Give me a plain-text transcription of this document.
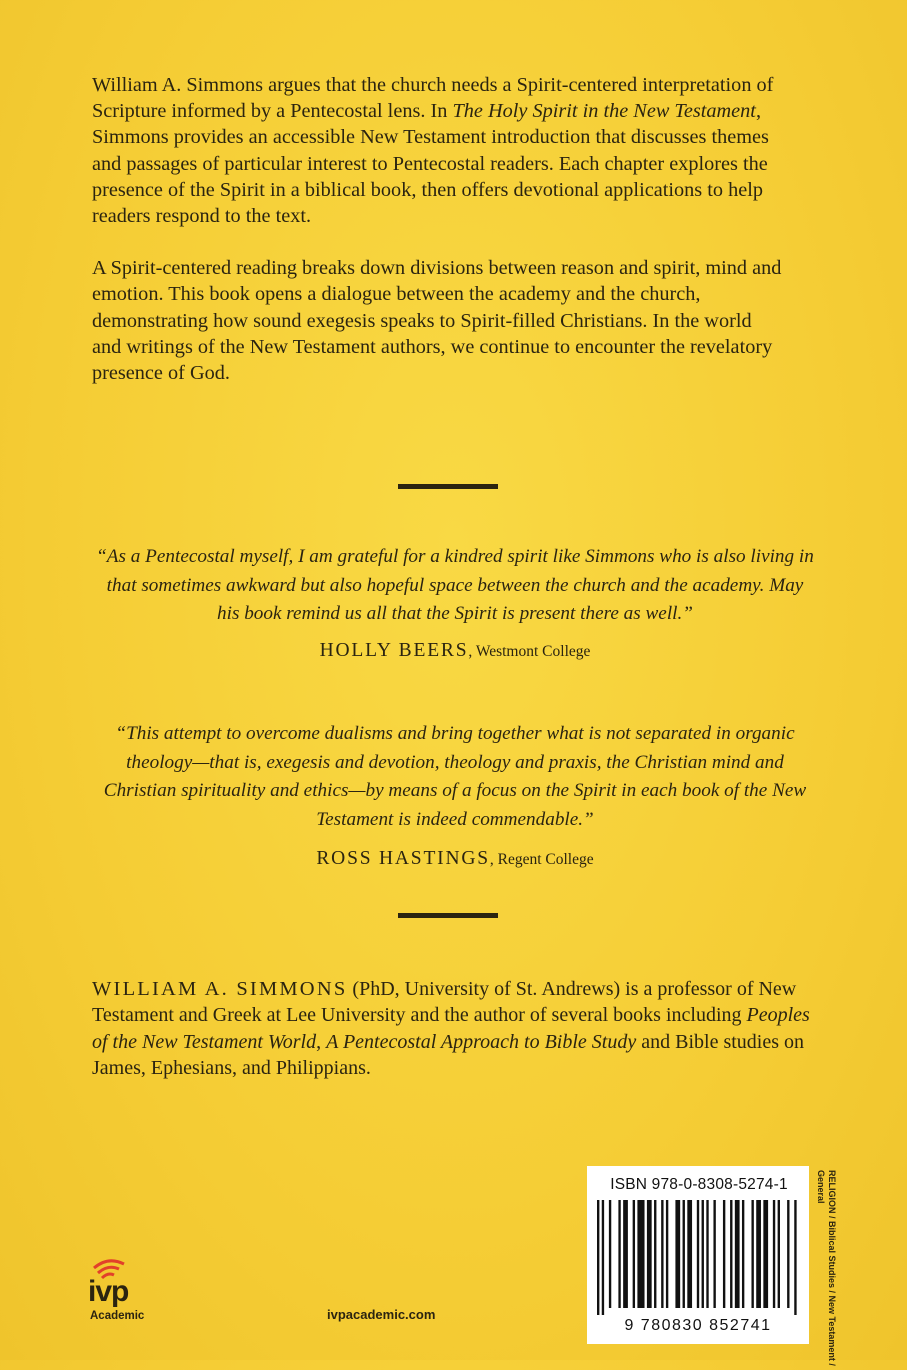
William A. Simmons argues that the church needs a Spirit-centered interpretation of Scripture informed by a Pentecostal lens. In The Holy Spirit in the New Testament, Simmons provides an accessible New Testament introduction that discusses themes and passages of particular interest to Pentecostal readers. Each chapter explores the presence of the Spirit in a biblical book, then offers devotional applications to help readers respond to the text.

A Spirit-centered reading breaks down divisions between reason and spirit, mind and emotion. This book opens a dialogue between the academy and the church, demonstrating how sound exegesis speaks to Spirit-filled Christians. In the world and writings of the New Testament authors, we continue to encounter the revelatory presence of God.

“As a Pentecostal myself, I am grateful for a kindred spirit like Simmons who is also living in that sometimes awkward but also hopeful space between the church and the academy. May his book remind us all that the Spirit is present there as well.”
HOLLY BEERS, Westmont College
“This attempt to overcome dualisms and bring together what is not separated in organic theology—that is, exegesis and devotion, theology and praxis, the Christian mind and Christian spirituality and ethics—by means of a focus on the Spirit in each book of the New Testament is indeed commendable.”
ROSS HASTINGS, Regent College
WILLIAM A. SIMMONS (PhD, University of St. Andrews) is a professor of New Testament and Greek at Lee University and the author of several books including Peoples of the New Testament World, A Pentecostal Approach to Bible Study and Bible studies on James, Ephesians, and Philippians.
ISBN 978-0-8308-5274-1
9 780830 852741	RELIGION / Biblical Studies / New Testament / General
ivp
Academic	ivpacademic.com
